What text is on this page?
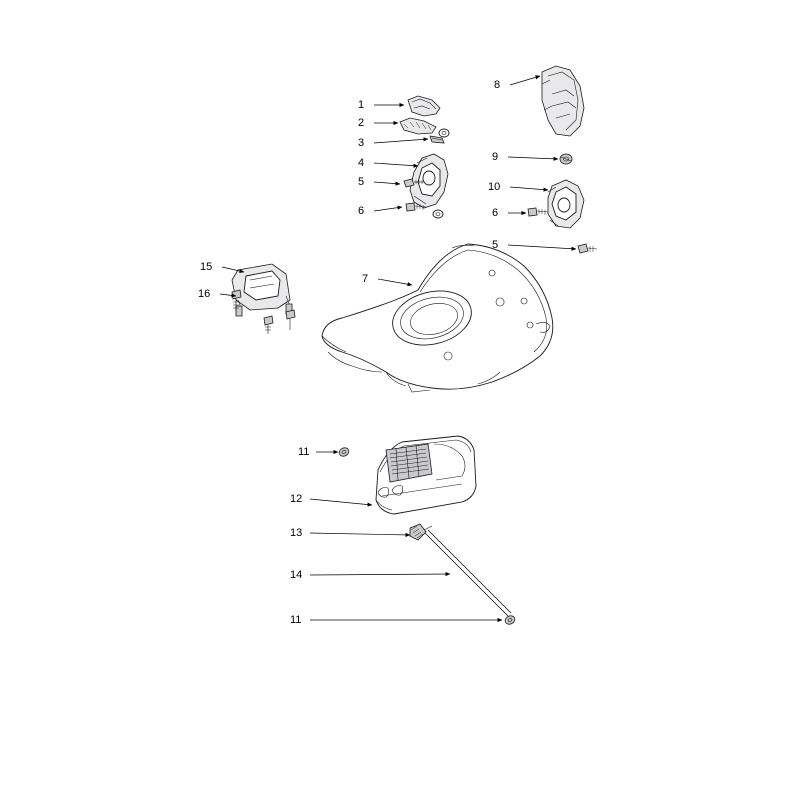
1
2
3
4
5
6
8
9
10
6
5
7
15
16
11
12
13
14
11
